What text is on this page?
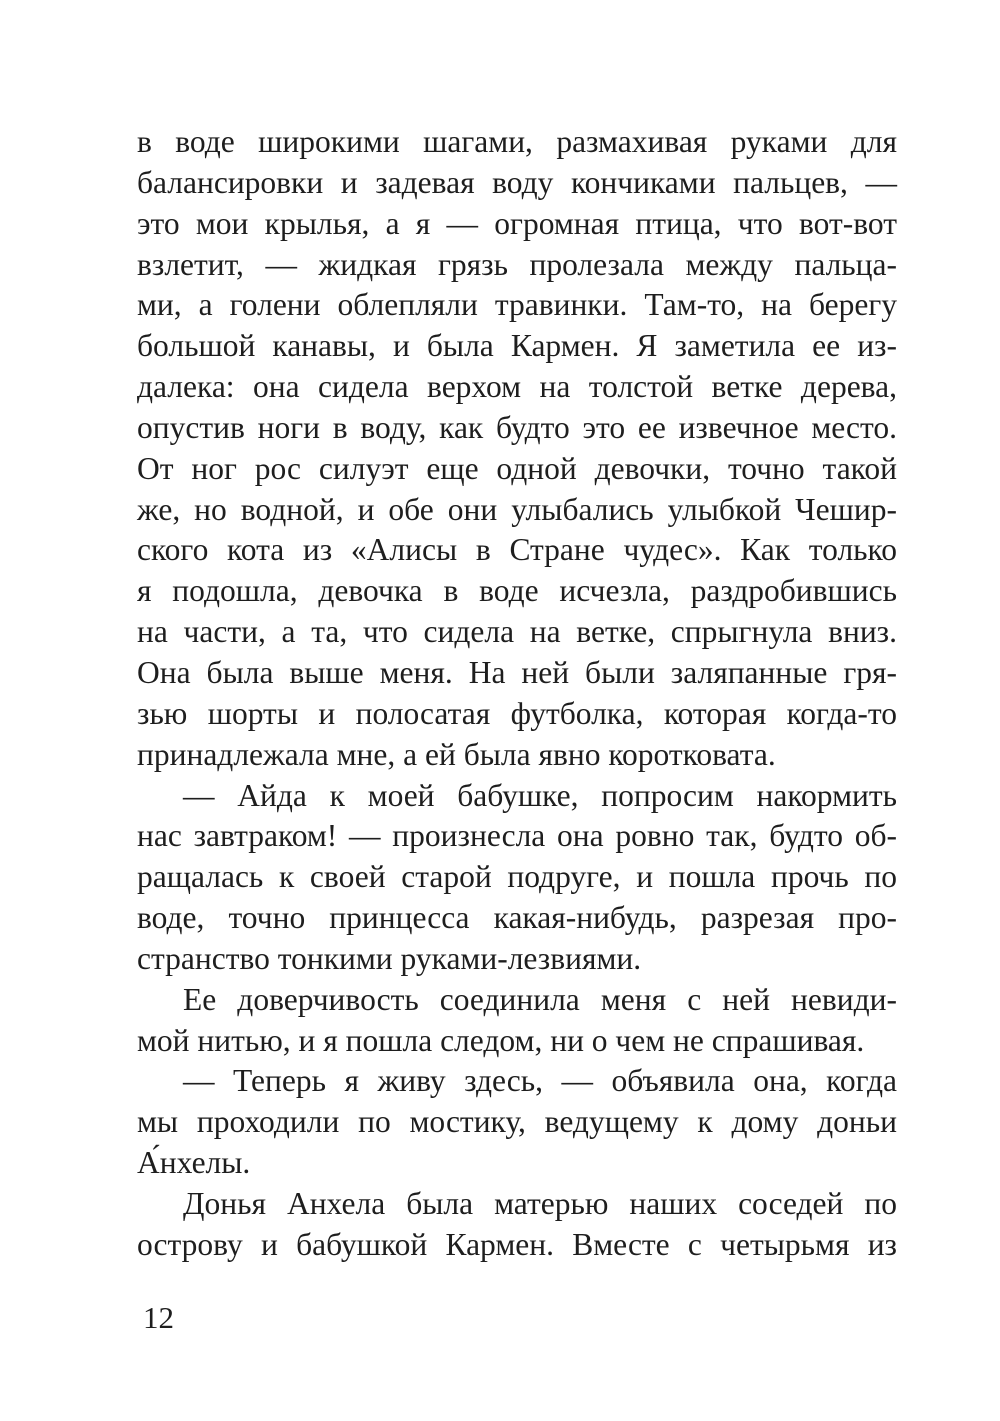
в воде широкими шагами, размахивая руками для
балансировки и задевая воду кончиками пальцев, —
это мои крылья, а я — огромная птица, что вот-вот
взлетит, — жидкая грязь пролезала между пальца-
ми, а голени облепляли травинки. Там-то, на берегу
большой канавы, и была Кармен. Я заметила ее из-
далека: она сидела верхом на толстой ветке дерева,
опустив ноги в воду, как будто это ее извечное место.
От ног рос силуэт еще одной девочки, точно такой
же, но водной, и обе они улыбались улыбкой Чешир-
ского кота из «Алисы в Стране чудес». Как только
я подошла, девочка в воде исчезла, раздробившись
на части, а та, что сидела на ветке, спрыгнула вниз.
Она была выше меня. На ней были заляпанные гря-
зью шорты и полосатая футболка, которая когда-то
принадлежала мне, а ей была явно коротковата.
— Айда к моей бабушке, попросим накормить
нас завтраком! — произнесла она ровно так, будто об-
ращалась к своей старой подруге, и пошла прочь по
воде, точно принцесса какая-нибудь, разрезая про-
странство тонкими руками-лезвиями.
Ее доверчивость соединила меня с ней невиди-
мой нитью, и я пошла следом, ни о чем не спрашивая.
— Теперь я живу здесь, — объявила она, когда
мы проходили по мостику, ведущему к дому доньи
А́нхелы.
Донья Анхела была матерью наших соседей по
острову и бабушкой Кармен. Вместе с четырьмя из
12
